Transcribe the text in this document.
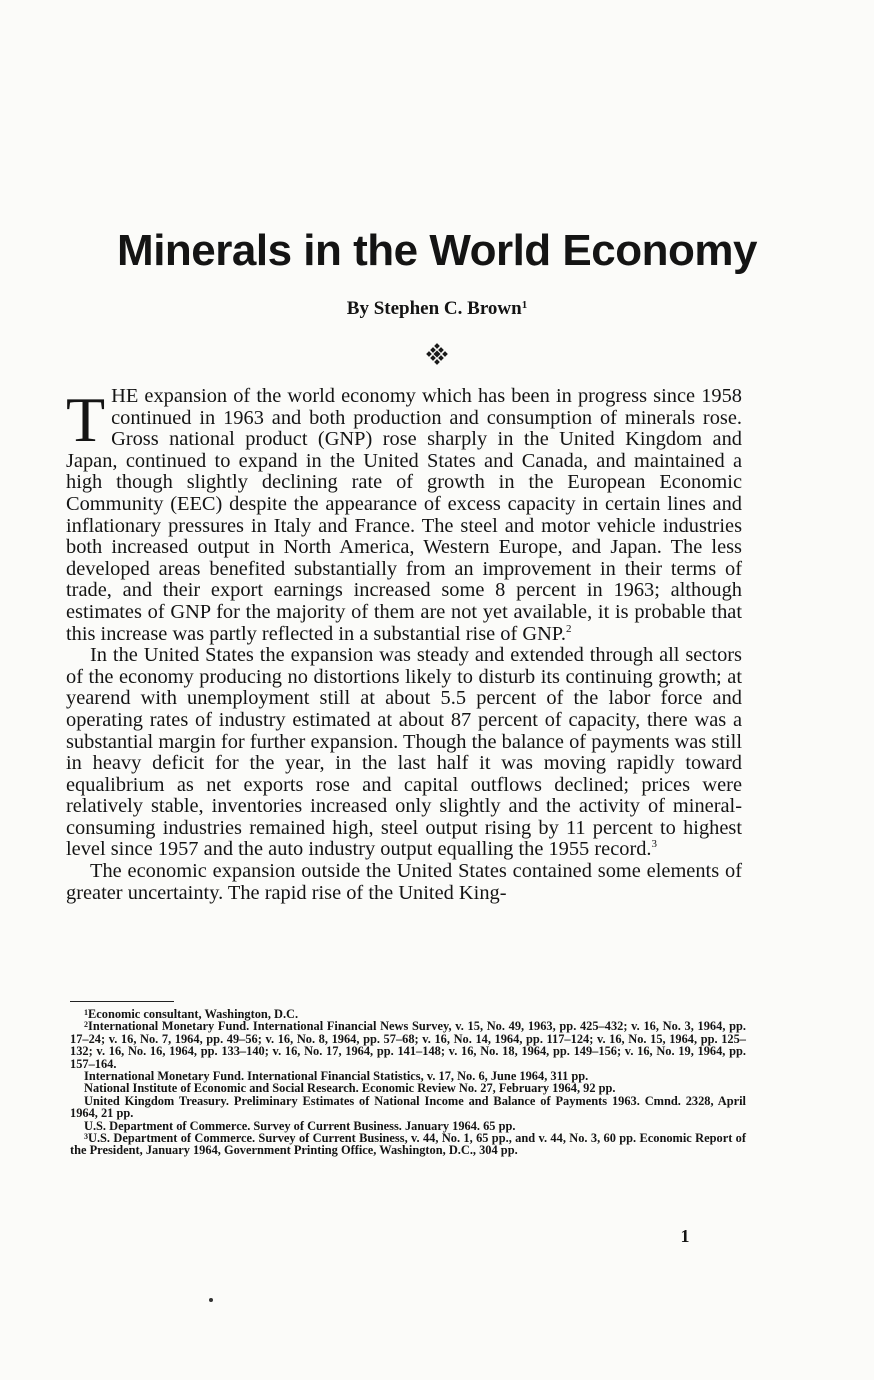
Minerals in the World Economy

By Stephen C. Brown$^1$

THE expansion of the world economy which has been in progress since 1958 continued in 1963 and both production and consumption of minerals rose. Gross national product (GNP) rose sharply in the United Kingdom and Japan, continued to expand in the United States and Canada, and maintained a high though slightly declining rate of growth in the European Economic Community (EEC) despite the appearance of excess capacity in certain lines and inflationary pressures in Italy and France. The steel and motor vehicle industries both increased output in North America, Western Europe, and Japan. The less developed areas benefited substantially from an improvement in their terms of trade, and their export earnings increased some 8 percent in 1963; although estimates of GNP for the majority of them are not yet available, it is probable that this increase was partly reflected in a substantial rise of GNP.$^2$

In the United States the expansion was steady and extended through all sectors of the economy producing no distortions likely to disturb its continuing growth; at yearend with unemployment still at about 5.5 percent of the labor force and operating rates of industry estimated at about 87 percent of capacity, there was a substantial margin for further expansion. Though the balance of payments was still in heavy deficit for the year, in the last half it was moving rapidly toward equalibrium as net exports rose and capital outflows declined; prices were relatively stable, inventories increased only slightly and the activity of mineral-consuming industries remained high, steel output rising by 11 percent to highest level since 1957 and the auto industry output equalling the 1955 record.$^3$

The economic expansion outside the United States contained some elements of greater uncertainty. The rapid rise of the United King-

$^1$Economic consultant, Washington, D.C.

$^2$International Monetary Fund. International Financial News Survey, v. 15, No. 49, 1963, pp. 425–432; v. 16, No. 3, 1964, pp. 17–24; v. 16, No. 7, 1964, pp. 49–56; v. 16, No. 8, 1964, pp. 57–68; v. 16, No. 14, 1964, pp. 117–124; v. 16, No. 15, 1964, pp. 125–132; v. 16, No. 16, 1964, pp. 133–140; v. 16, No. 17, 1964, pp. 141–148; v. 16, No. 18, 1964, pp. 149–156; v. 16, No. 19, 1964, pp. 157–164.

International Monetary Fund. International Financial Statistics, v. 17, No. 6, June 1964, 311 pp.

National Institute of Economic and Social Research. Economic Review No. 27, February 1964, 92 pp.

United Kingdom Treasury. Preliminary Estimates of National Income and Balance of Payments 1963. Cmnd. 2328, April 1964, 21 pp.

U.S. Department of Commerce. Survey of Current Business. January 1964. 65 pp.

$^3$U.S. Department of Commerce. Survey of Current Business, v. 44, No. 1, 65 pp., and v. 44, No. 3, 60 pp. Economic Report of the President, January 1964, Government Printing Office, Washington, D.C., 304 pp.

1
